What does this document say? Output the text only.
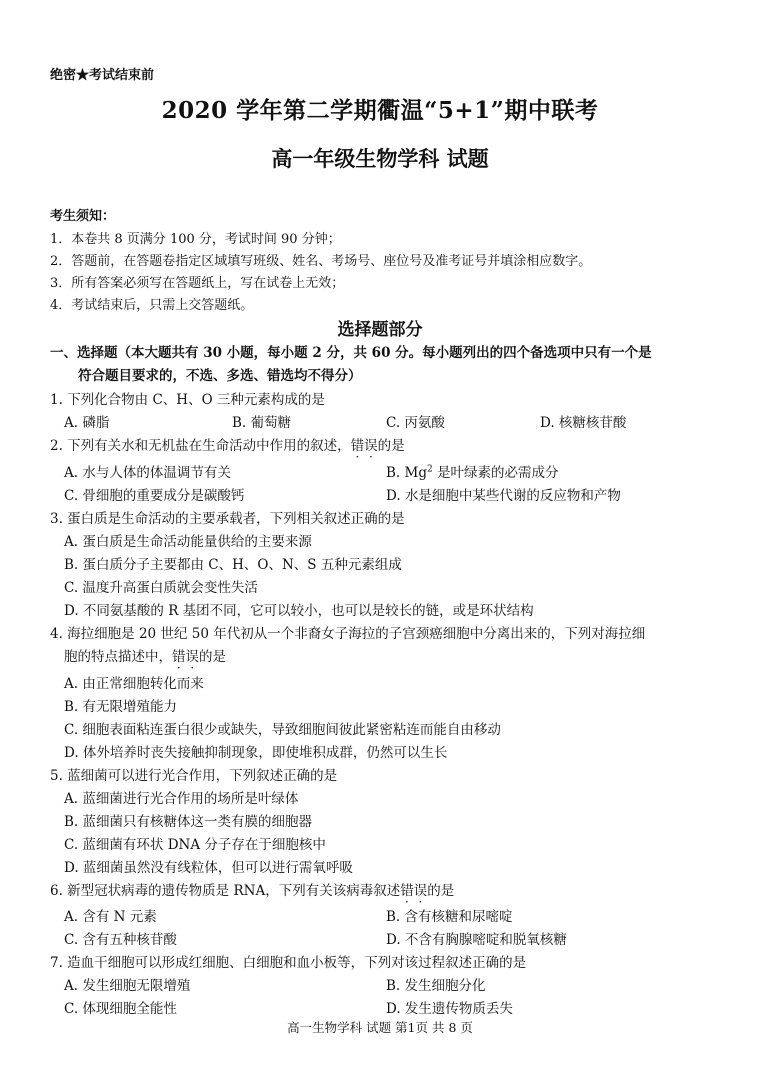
绝密★考试结束前
2020 学年第二学期衢温“5+1”期中联考
高一年级生物学科 试题
考生须知：
1．本卷共 8 页满分 100 分，考试时间 90 分钟；
2．答题前，在答题卷指定区域填写班级、姓名、考场号、座位号及准考证号并填涂相应数字。
3．所有答案必须写在答题纸上，写在试卷上无效；
4．考试结束后，只需上交答题纸。
选择题部分
一、选择题（本大题共有 30 小题，每小题 2 分，共 60 分。每小题列出的四个备选项中只有一个是
符合题目要求的，不选、多选、错选均不得分）
1. 下列化合物由 C、H、O 三种元素构成的是
A. 磷脂	B. 葡萄糖	C. 丙氨酸	D. 核糖核苷酸
2. 下列有关水和无机盐在生命活动中作用的叙述，错误的是
A. 水与人体的体温调节有关	B. Mg$^2$ 是叶绿素的必需成分
C. 骨细胞的重要成分是碳酸钙	D. 水是细胞中某些代谢的反应物和产物
3. 蛋白质是生命活动的主要承载者，下列相关叙述正确的是
A. 蛋白质是生命活动能量供给的主要来源
B. 蛋白质分子主要都由 C、H、O、N、S 五种元素组成
C. 温度升高蛋白质就会变性失活
D. 不同氨基酸的 R 基团不同，它可以较小，也可以是较长的链，或是环状结构
4. 海拉细胞是 20 世纪 50 年代初从一个非裔女子海拉的子宫颈癌细胞中分离出来的，下列对海拉细
胞的特点描述中，错误的是
A. 由正常细胞转化而来
B. 有无限增殖能力
C. 细胞表面粘连蛋白很少或缺失，导致细胞间彼此紧密粘连而能自由移动
D. 体外培养时丧失接触抑制现象，即使堆积成群，仍然可以生长
5. 蓝细菌可以进行光合作用，下列叙述正确的是
A. 蓝细菌进行光合作用的场所是叶绿体
B. 蓝细菌只有核糖体这一类有膜的细胞器
C. 蓝细菌有环状 DNA 分子存在于细胞核中
D. 蓝细菌虽然没有线粒体，但可以进行需氧呼吸
6. 新型冠状病毒的遗传物质是 RNA，下列有关该病毒叙述错误的是
A. 含有 N 元素	B. 含有核糖和尿嘧啶
C. 含有五种核苷酸	D. 不含有胸腺嘧啶和脱氧核糖
7. 造血干细胞可以形成红细胞、白细胞和血小板等，下列对该过程叙述正确的是
A. 发生细胞无限增殖	B. 发生细胞分化
C. 体现细胞全能性	D. 发生遗传物质丢失
高一生物学科 试题 第1页 共 8 页
